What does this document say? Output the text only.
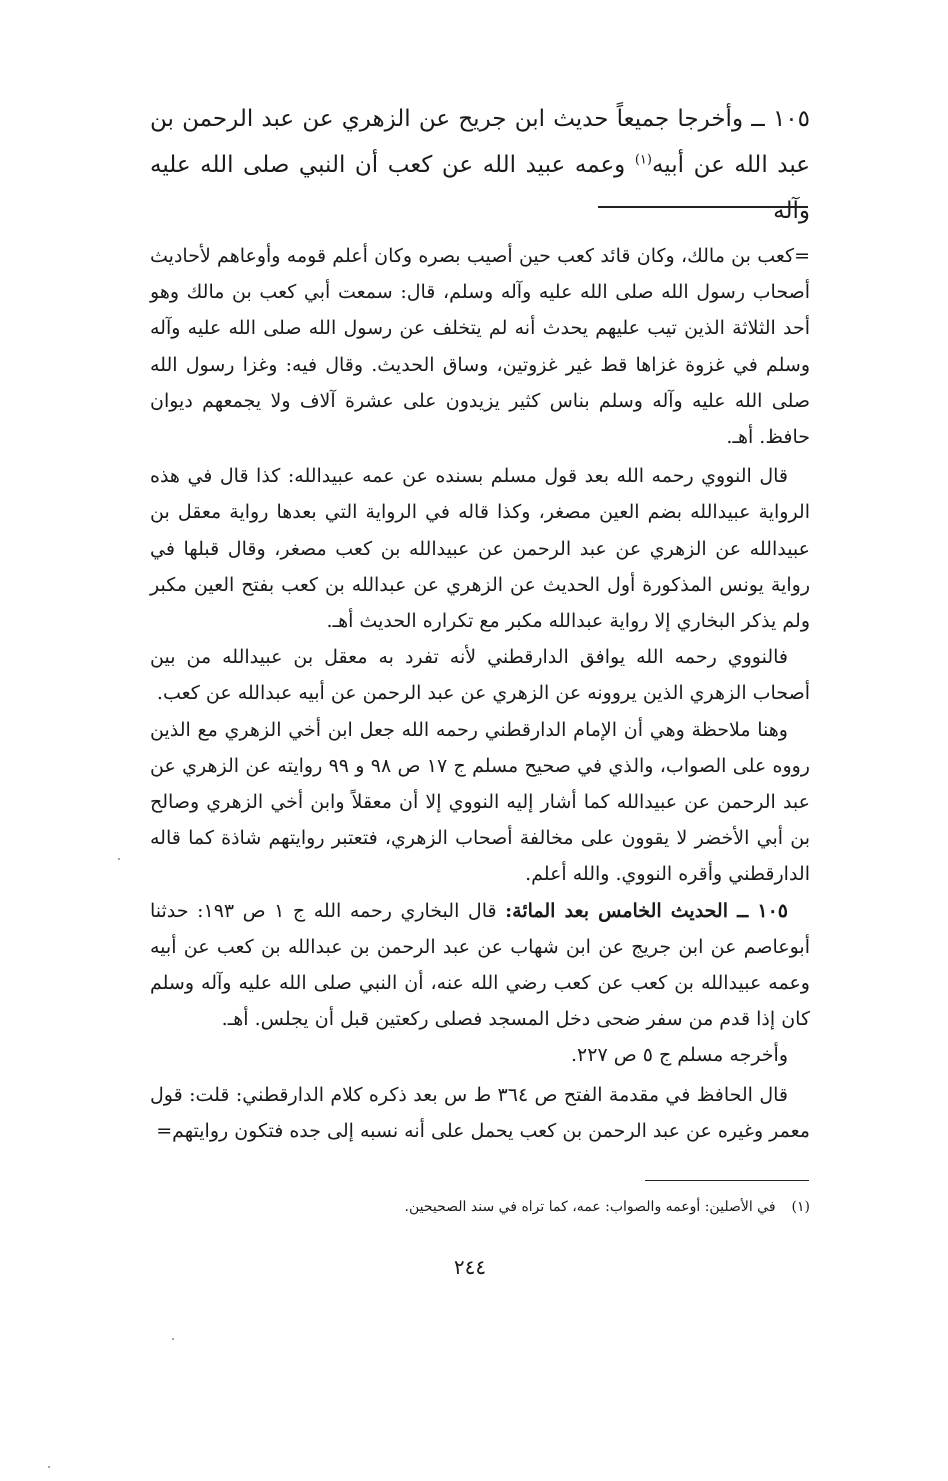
١٠٥ ــ وأخرجا جميعاً حديث ابن جريح عن الزهري عن عبد الرحمن بن عبد الله عن أبيه$^{(١)}$ وعمه عبيد الله عن كعب أن النبي صلى الله عليه وآله

=كعب بن مالك، وكان قائد كعب حين أصيب بصره وكان أعلم قومه وأوعاهم لأحاديث أصحاب رسول الله صلى الله عليه وآله وسلم، قال: سمعت أبي كعب بن مالك وهو أحد الثلاثة الذين تيب عليهم يحدث أنه لم يتخلف عن رسول الله صلى الله عليه وآله وسلم في غزوة غزاها قط غير غزوتين، وساق الحديث. وقال فيه: وغزا رسول الله صلى الله عليه وآله وسلم بناس كثير يزيدون على عشرة آلاف ولا يجمعهم ديوان حافظ. أهـ.

قال النووي رحمه الله بعد قول مسلم بسنده عن عمه عبيدالله: كذا قال في هذه الرواية عبيدالله بضم العين مصغر، وكذا قاله في الرواية التي بعدها رواية معقل بن عبيدالله عن الزهري عن عبد الرحمن عن عبيدالله بن كعب مصغر، وقال قبلها في رواية يونس المذكورة أول الحديث عن الزهري عن عبدالله بن كعب بفتح العين مكبر ولم يذكر البخاري إلا رواية عبدالله مكبر مع تكراره الحديث أهـ.

فالنووي رحمه الله يوافق الدارقطني لأنه تفرد به معقل بن عبيدالله من بين أصحاب الزهري الذين يروونه عن الزهري عن عبد الرحمن عن أبيه عبدالله عن كعب.

وهنا ملاحظة وهي أن الإمام الدارقطني رحمه الله جعل ابن أخي الزهري مع الذين رووه على الصواب، والذي في صحيح مسلم ج ١٧ ص ٩٨ و ٩٩ روايته عن الزهري عن عبد الرحمن عن عبيدالله كما أشار إليه النووي إلا أن معقلاً وابن أخي الزهري وصالح بن أبي الأخضر لا يقوون على مخالفة أصحاب الزهري، فتعتبر روايتهم شاذة كما قاله الدارقطني وأقره النووي. والله أعلم.

١٠٥ ــ الحديث الخامس بعد المائة: قال البخاري رحمه الله ج ١ ص ١٩٣: حدثنا أبوعاصم عن ابن جريج عن ابن شهاب عن عبد الرحمن بن عبدالله بن كعب عن أبيه وعمه عبيدالله بن كعب عن كعب رضي الله عنه، أن النبي صلى الله عليه وآله وسلم كان إذا قدم من سفر ضحى دخل المسجد فصلى ركعتين قبل أن يجلس. أهـ.

وأخرجه مسلم ج ٥ ص ٢٢٧.

قال الحافظ في مقدمة الفتح ص ٣٦٤ ط س بعد ذكره كلام الدارقطني: قلت: قول معمر وغيره عن عبد الرحمن بن كعب يحمل على أنه نسبه إلى جده فتكون روايتهم=

(١)في الأصلين: أوعمه والصواب: عمه، كما تراه في سند الصحيحين.
٢٤٤
